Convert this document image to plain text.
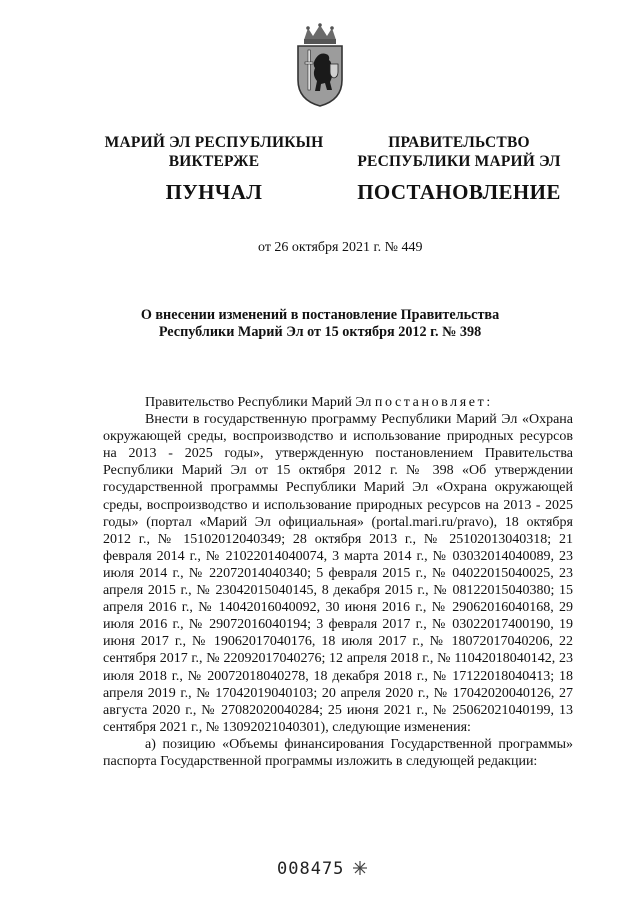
МАРИЙ ЭЛ РЕСПУБЛИКЫН
ВИКТЕРЖЕ
ПУНЧАЛ
ПРАВИТЕЛЬСТВО
РЕСПУБЛИКИ МАРИЙ ЭЛ
ПОСТАНОВЛЕНИЕ
от 26 октября 2021 г. № 449
О внесении изменений в постановление Правительства Республики Марий Эл от 15 октября 2012 г. № 398

Правительство Республики Марий Эл постановляет:

Внести в государственную программу Республики Марий Эл «Охрана окружающей среды, воспроизводство и использование природных ресурсов на 2013 - 2025 годы», утвержденную постановлением Правительства Республики Марий Эл от 15 октября 2012 г. № 398 «Об утверждении государственной программы Республики Марий Эл «Охрана окружающей среды, воспроизводство и использование природных ресурсов на 2013 - 2025 годы» (портал «Марий Эл официальная» (portal.mari.ru/pravo), 18 октября 2012 г., № 15102012040349; 28 октября 2013 г., № 25102013040318; 21 февраля 2014 г., № 21022014040074, 3 марта 2014 г., № 03032014040089, 23 июля 2014 г., № 22072014040340; 5 февраля 2015 г., № 04022015040025, 23 апреля 2015 г., № 23042015040145, 8 декабря 2015 г., № 08122015040380; 15 апреля 2016 г., № 14042016040092, 30 июня 2016 г., № 29062016040168, 29 июля 2016 г., № 29072016040194; 3 февраля 2017 г., № 03022017400190, 19 июня 2017 г., № 19062017040176, 18 июля 2017 г., № 18072017040206, 22 сентября 2017 г., № 22092017040276; 12 апреля 2018 г., № 11042018040142, 23 июля 2018 г., № 20072018040278, 18 декабря 2018 г., № 17122018040413; 18 апреля 2019 г., № 17042019040103; 20 апреля 2020 г., № 17042020040126, 27 августа 2020 г., № 27082020040284; 25 июня 2021 г., № 25062021040199, 13 сентября 2021 г., № 13092021040301), следующие изменения:

а) позицию «Объемы финансирования Государственной программы» паспорта Государственной программы изложить в следующей редакции:

008475
